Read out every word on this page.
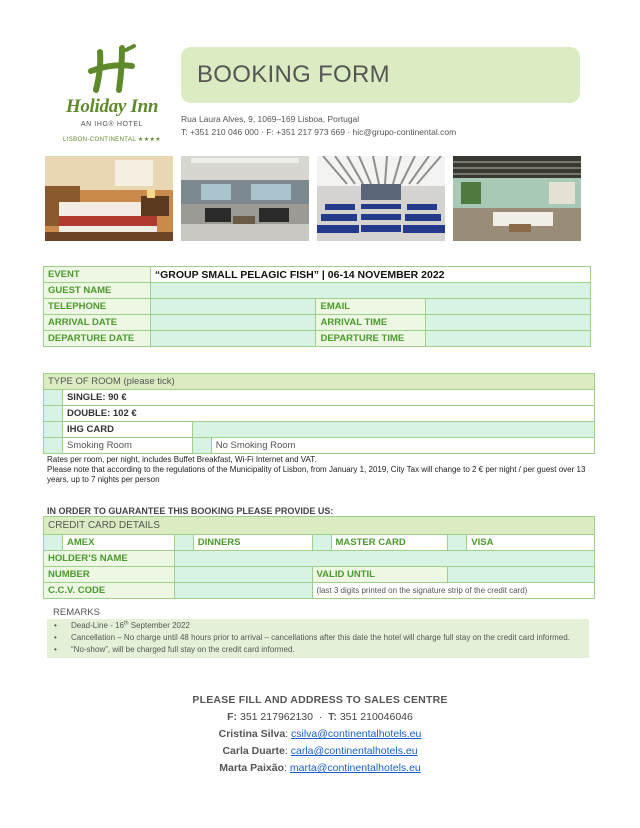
Holiday Inn
AN IHG® HOTEL
LISBON-CONTINENTAL ★★★★
BOOKING FORM
Rua Laura Alves, 9, 1069–169 Lisboa, Portugal
T: +351 210 046 000 · F: +351 217 973 669 · hic@grupo-continental.com
EVENT	“GROUP SMALL PELAGIC FISH” | 06-14 NOVEMBER 2022		
GUEST NAME			
TELEPHONE		EMAIL	
ARRIVAL DATE		ARRIVAL TIME	
DEPARTURE DATE		DEPARTURE TIME	
TYPE OF ROOM (please tick)			
	SINGLE: 90 €		
	DOUBLE: 102 €		
	IHG CARD		
	Smoking Room		No Smoking Room
Rates per room, per night, includes Buffet Breakfast, Wi-Fi Internet and VAT.
Please note that according to the regulations of the Municipality of Lisbon, from January 1, 2019, City Tax will change to 2 € per night / per guest over 13 years, up to 7 nights per person
IN ORDER TO GUARANTEE THIS BOOKING PLEASE PROVIDE US:
CREDIT CARD DETAILS							
	AMEX		DINNERS		MASTER CARD		VISA
HOLDER’S NAME							
NUMBER				VALID UNTIL			
C.C.V. CODE				(last 3 digits printed on the signature strip of the credit card)			
REMARKS
• Dead-Line - 16th September 2022
• Cancellation – No charge until 48 hours prior to arrival – cancellations after this date the hotel will charge full stay on the credit card informed.
• “No-show”, will be charged full stay on the credit card informed.
PLEASE FILL AND ADDRESS TO SALES CENTRE
F: 351 217962130 · T: 351 210046046
Cristina Silva: csilva@continentalhotels.eu
Carla Duarte: carla@continentalhotels.eu
Marta Paixão: marta@continentalhotels.eu
